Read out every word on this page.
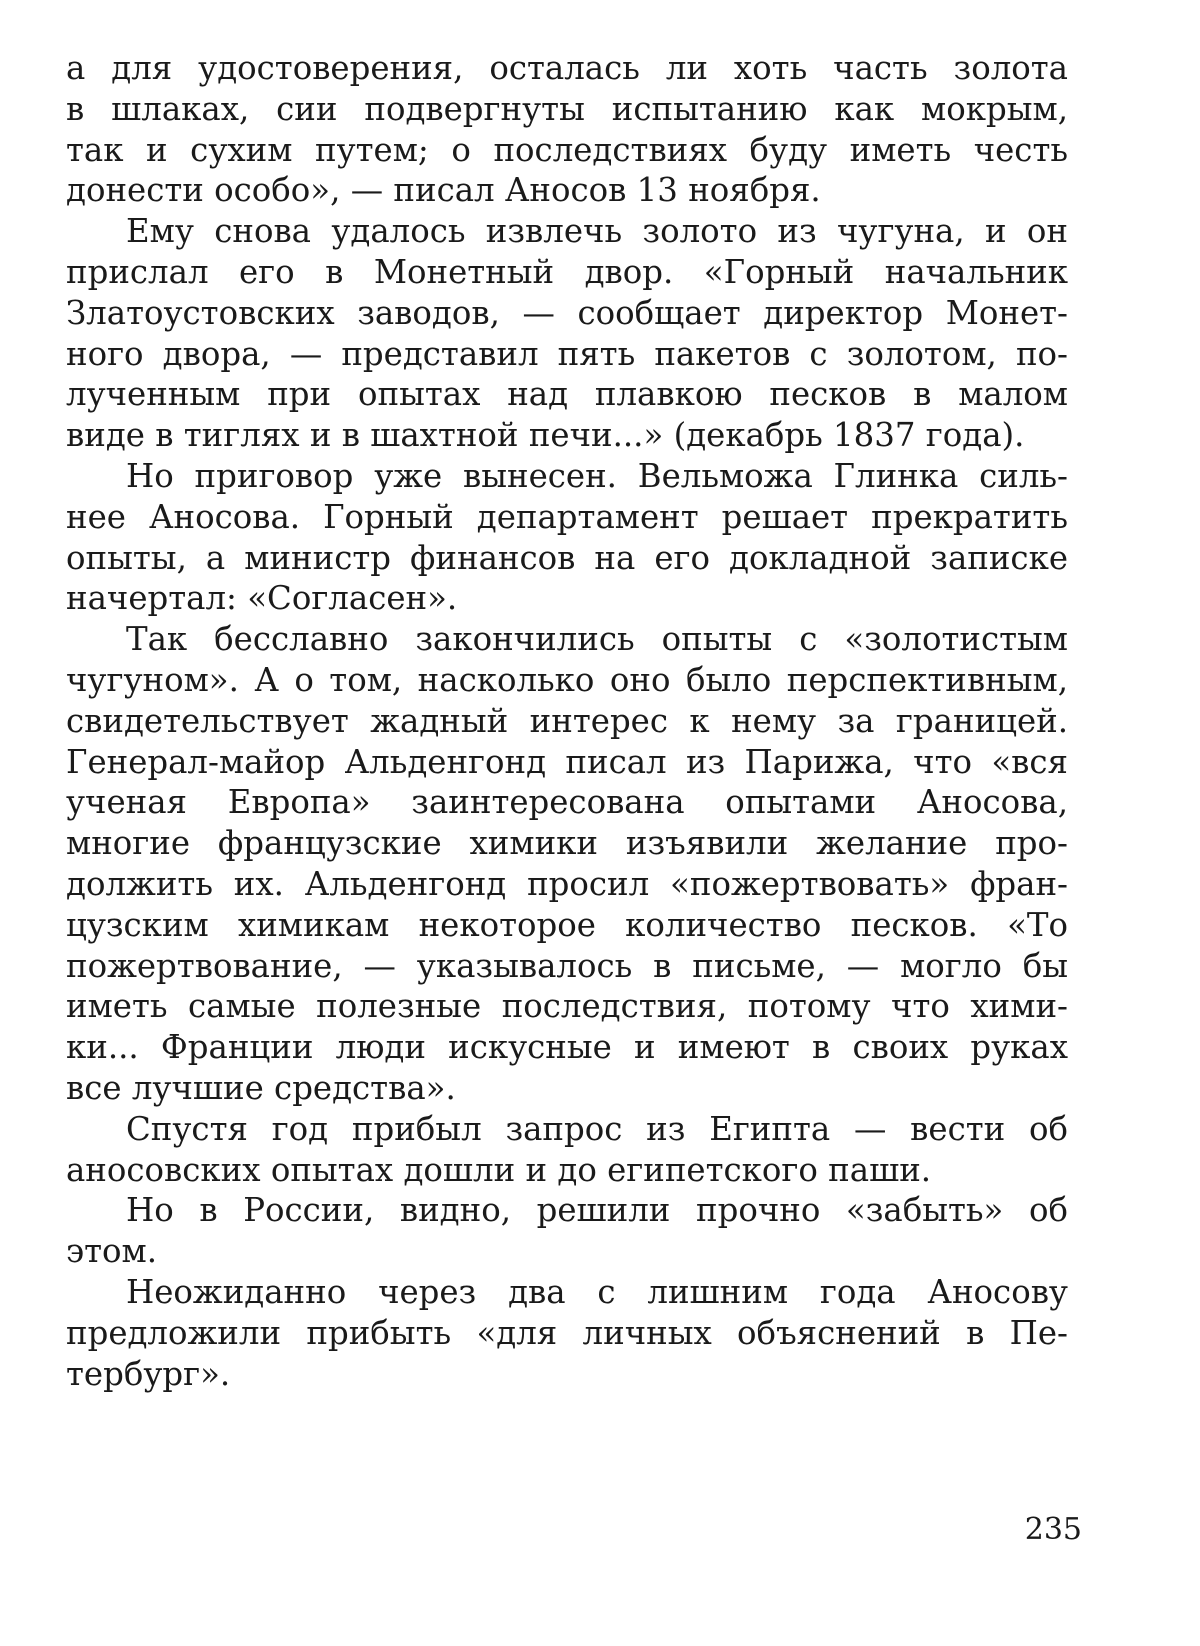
а для удостоверения, осталась ли хоть часть золота
в шлаках, сии подвергнуты испытанию как мокрым,
так и сухим путем; о последствиях буду иметь честь
донести особо», — писал Аносов 13 ноября.
Ему снова удалось извлечь золото из чугуна, и он
прислал его в Монетный двор. «Горный начальник
Златоустовских заводов, — сообщает директор Монет-
ного двора, — представил пять пакетов с золотом, по-
лученным при опытах над плавкою песков в малом
виде в тиглях и в шахтной печи...» (декабрь 1837 года).
Но приговор уже вынесен. Вельможа Глинка силь-
нее Аносова. Горный департамент решает прекратить
опыты, а министр финансов на его докладной записке
начертал: «Согласен».
Так бесславно закончились опыты с «золотистым
чугуном». А о том, насколько оно было перспективным,
свидетельствует жадный интерес к нему за границей.
Генерал-майор Альденгонд писал из Парижа, что «вся
ученая Европа» заинтересована опытами Аносова,
многие французские химики изъявили желание про-
должить их. Альденгонд просил «пожертвовать» фран-
цузским химикам некоторое количество песков. «То
пожертвование, — указывалось в письме, — могло бы
иметь самые полезные последствия, потому что хими-
ки... Франции люди искусные и имеют в своих руках
все лучшие средства».
Спустя год прибыл запрос из Египта — вести об
аносовских опытах дошли и до египетского паши.
Но в России, видно, решили прочно «забыть» об
этом.
Неожиданно через два с лишним года Аносову
предложили прибыть «для личных объяснений в Пе-
тербург».
235
